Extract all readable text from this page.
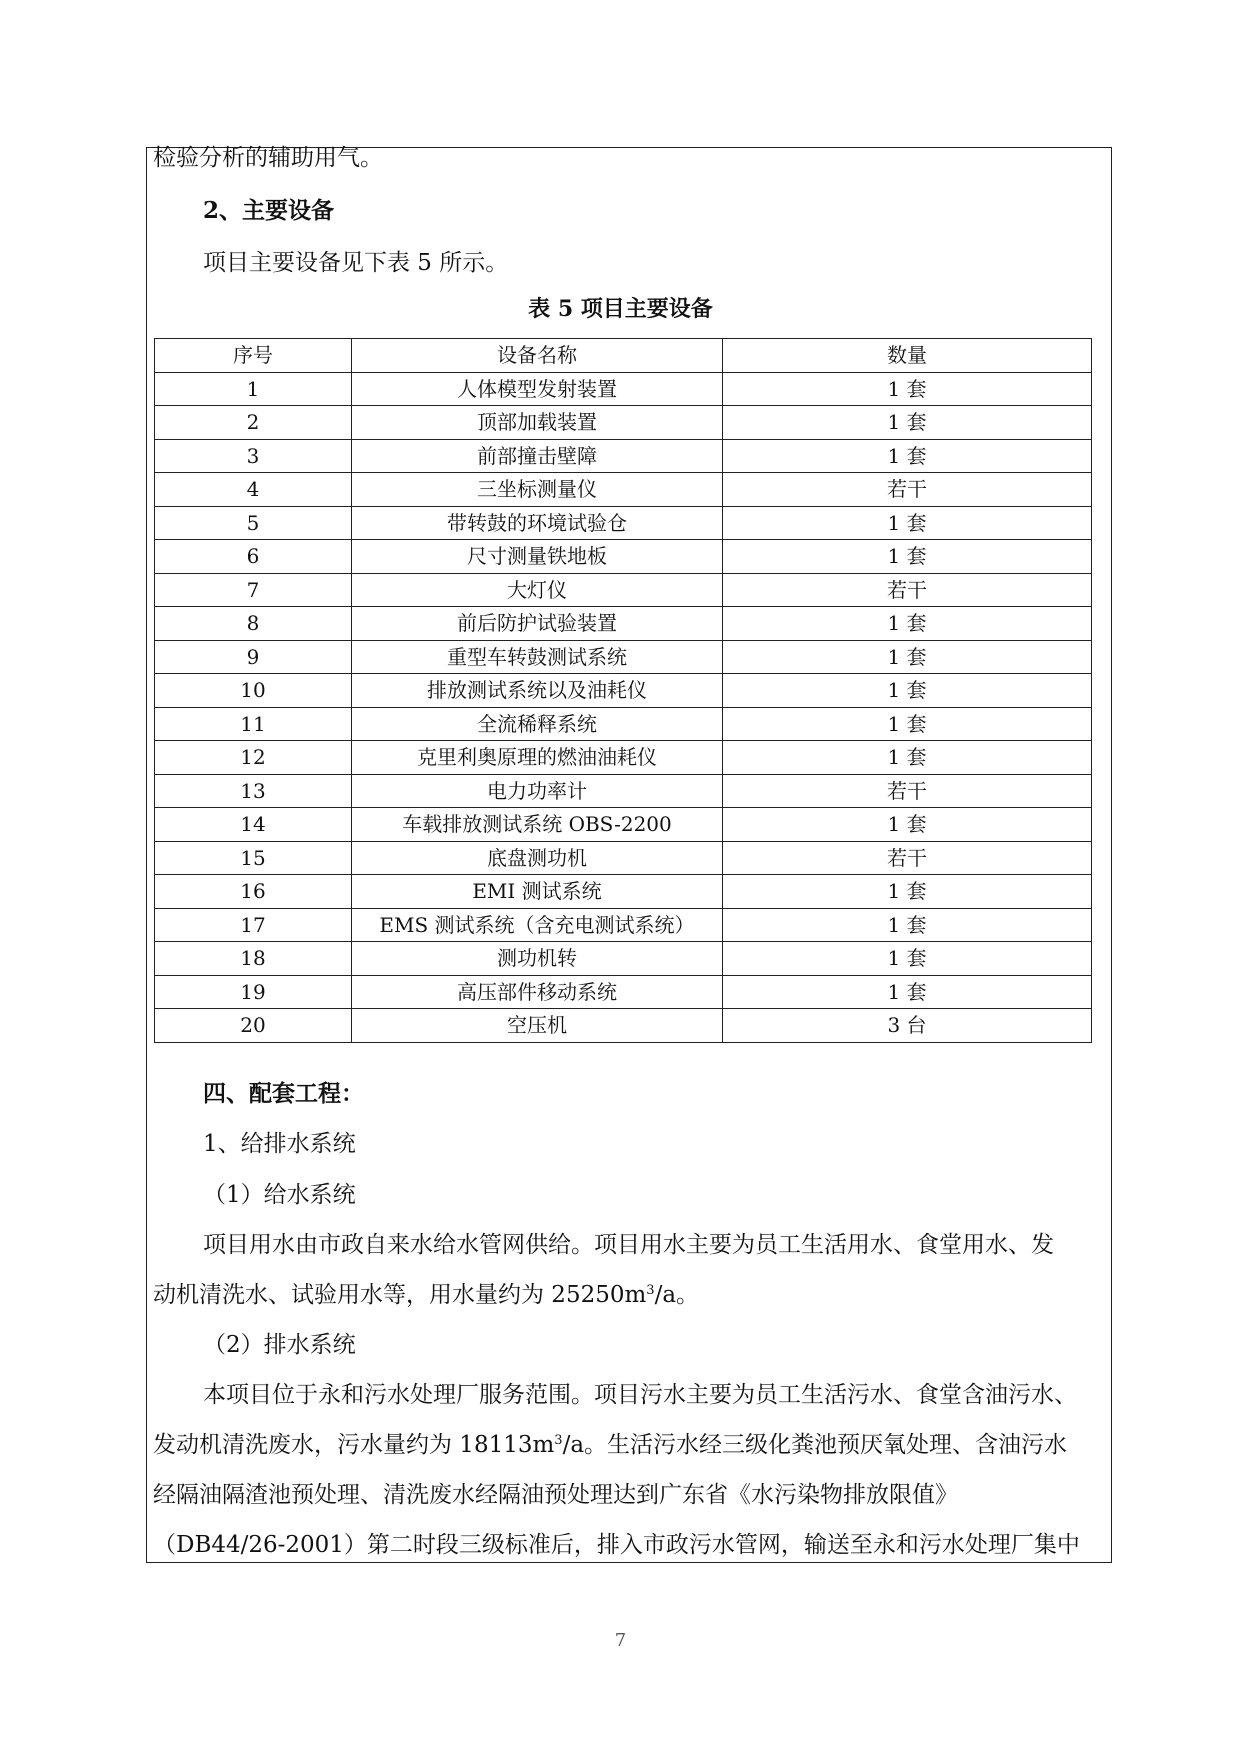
检验分析的辅助用气。
2、主要设备
项目主要设备见下表 5 所示。
表 5 项目主要设备
序号	设备名称	数量
1	人体模型发射装置	1 套
2	顶部加载装置	1 套
3	前部撞击壁障	1 套
4	三坐标测量仪	若干
5	带转鼓的环境试验仓	1 套
6	尺寸测量铁地板	1 套
7	大灯仪	若干
8	前后防护试验装置	1 套
9	重型车转鼓测试系统	1 套
10	排放测试系统以及油耗仪	1 套
11	全流稀释系统	1 套
12	克里利奥原理的燃油油耗仪	1 套
13	电力功率计	若干
14	车载排放测试系统 OBS-2200	1 套
15	底盘测功机	若干
16	EMI 测试系统	1 套
17	EMS 测试系统（含充电测试系统）	1 套
18	测功机转	1 套
19	高压部件移动系统	1 套
20	空压机	3 台
四、配套工程：
1、给排水系统
（1）给水系统
项目用水由市政自来水给水管网供给。项目用水主要为员工生活用水、食堂用水、发
动机清洗水、试验用水等，用水量约为 $25250m^3/a$。
（2）排水系统
本项目位于永和污水处理厂服务范围。项目污水主要为员工生活污水、食堂含油污水、
发动机清洗废水，污水量约为 $18113m^3/a$。生活污水经三级化粪池预厌氧处理、含油污水
经隔油隔渣池预处理、清洗废水经隔油预处理达到广东省《水污染物排放限值》
（DB44/26-2001）第二时段三级标准后，排入市政污水管网，输送至永和污水处理厂集中
7
